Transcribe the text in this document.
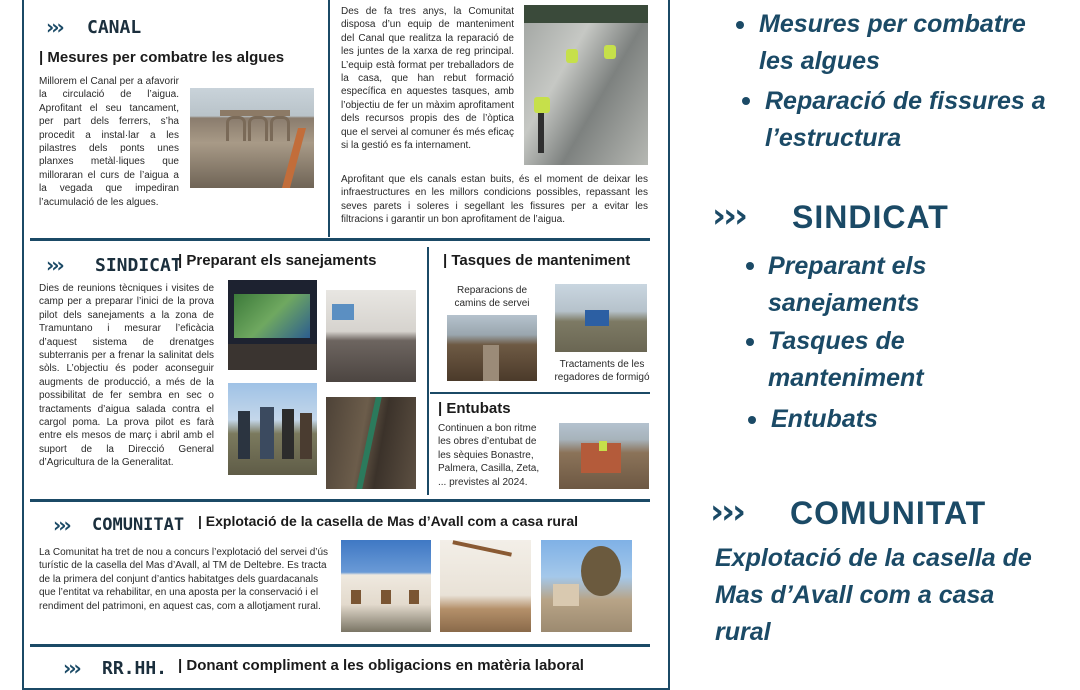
››› CANAL
| Mesures per combatre les algues
Millorem el Canal per a afavorir la circulació de l’aigua. Aprofitant el seu tancament, per part dels ferrers, s’ha procedit a instal·lar a les pilastres dels ponts unes planxes metàl·liques que milloraran el curs de l’aigua a la vegada que impediran l’acumulació de les algues.
Des de fa tres anys, la Comunitat disposa d’un equip de manteniment del Canal que realitza la reparació de les juntes de la xarxa de reg principal. L’equip està format per treballadors de la casa, que han rebut formació específica en aquestes tasques, amb l’objectiu de fer un màxim aprofitament dels recursos propis des de l’òptica que el servei al comuner és més eficaç si la gestió es fa internament.
Aprofitant que els canals estan buits, és el moment de deixar les infraestructures en les millors condicions possibles, repassant les seves parets i soleres i segellant les fissures per a evitar les filtracions i garantir un bon aprofitament de l’aigua.
››› SINDICAT
| Preparant els sanejaments
Dies de reunions tècniques i visites de camp per a preparar l’inici de la prova pilot dels sanejaments a la zona de Tramuntano i mesurar l’eficàcia d’aquest sistema de drenatges subterranis per a frenar la salinitat dels sòls. L’objectiu és poder aconseguir augments de producció, a més de la possibilitat de fer sembra en sec o tractaments d’aigua salada contra el cargol poma. La prova pilot es farà entre els mesos de març i abril amb el suport de la Direcció General d’Agricultura de la Generalitat.
| Tasques de manteniment
Reparacions de camins de servei
Tractaments de les regadores de formigó
| Entubats
Continuen a bon ritme les obres d’entubat de les sèquies Bonastre, Palmera, Casilla, Zeta, ... previstes al 2024.
››› COMUNITAT | Explotació de la casella de Mas d’Avall com a casa rural
La Comunitat ha tret de nou a concurs l’explotació del servei d’ús turístic de la casella del Mas d’Avall, al TM de Deltebre. Es tracta de la primera del conjunt d’antics habitatges dels guardacanals que l’entitat va rehabilitar, en una aposta per la conservació i el rendiment del patrimoni, en aquest cas, com a allotjament rural.
››› RR.HH. | Donant compliment a les obligacions en matèria laboral
Mesures per combatre les algues
Reparació de fissures a l’estructura
››› SINDICAT
Preparant els sanejaments
Tasques de manteniment
Entubats
››› COMUNITAT
Explotació de la casella de Mas d’Avall com a casa rural
